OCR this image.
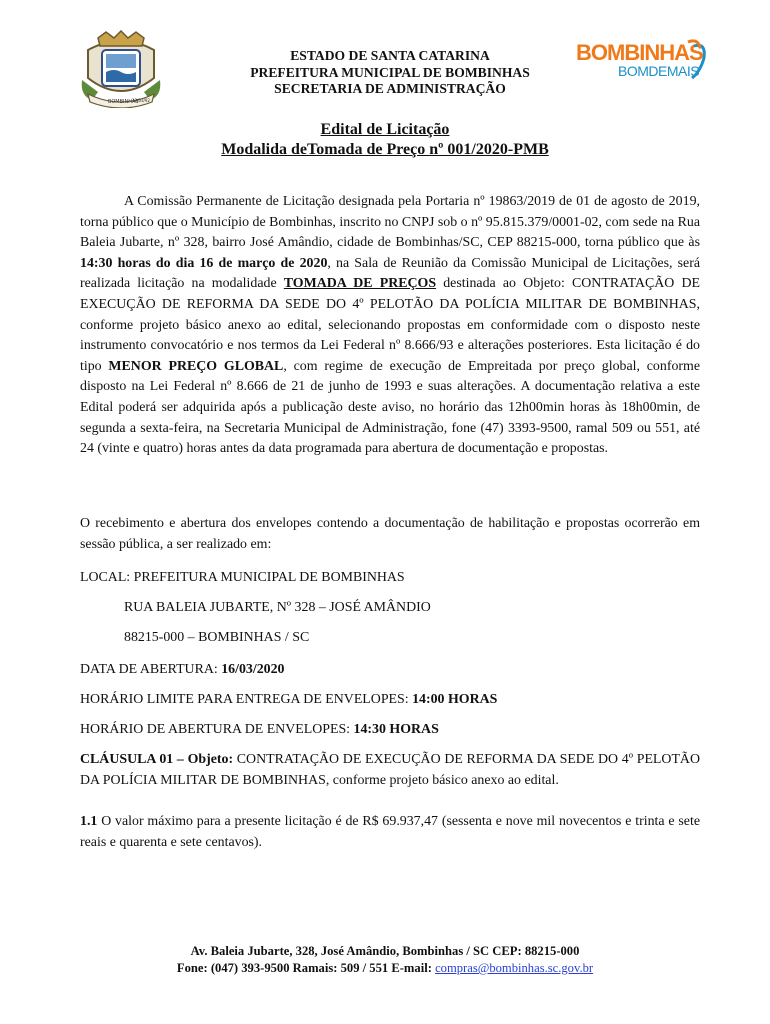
BOMBINHAS
12/03/92
ESTADO DE SANTA CATARINA
PREFEITURA MUNICIPAL DE BOMBINHAS
SECRETARIA DE ADMINISTRAÇÃO
BOMBINHAS
BOMDEMAIS
Edital de Licitação
Modalida deTomada de Preço nº 001/2020-PMB
A Comissão Permanente de Licitação designada pela Portaria nº 19863/2019 de 01 de agosto de 2019, torna público que o Município de Bombinhas, inscrito no CNPJ sob o nº 95.815.379/0001-02, com sede na Rua Baleia Jubarte, nº 328, bairro José Amândio, cidade de Bombinhas/SC, CEP 88215-000, torna público que às 14:30 horas do dia 16 de março de 2020, na Sala de Reunião da Comissão Municipal de Licitações, será realizada licitação na modalidade TOMADA DE PREÇOS destinada ao Objeto: CONTRATAÇÃO DE EXECUÇÃO DE REFORMA DA SEDE DO 4º PELOTÃO DA POLÍCIA MILITAR DE BOMBINHAS, conforme projeto básico anexo ao edital, selecionando propostas em conformidade com o disposto neste instrumento convocatório e nos termos da Lei Federal nº 8.666/93 e alterações posteriores. Esta licitação é do tipo MENOR PREÇO GLOBAL, com regime de execução de Empreitada por preço global, conforme disposto na Lei Federal nº 8.666 de 21 de junho de 1993 e suas alterações. A documentação relativa a este Edital poderá ser adquirida após a publicação deste aviso, no horário das 12h00min horas às 18h00min, de segunda a sexta-feira, na Secretaria Municipal de Administração, fone (47) 3393-9500, ramal 509 ou 551, até 24 (vinte e quatro) horas antes da data programada para abertura de documentação e propostas.
O recebimento e abertura dos envelopes contendo a documentação de habilitação e propostas ocorrerão em sessão pública, a ser realizado em:
LOCAL: PREFEITURA MUNICIPAL DE BOMBINHAS
RUA BALEIA JUBARTE, Nº 328 – JOSÉ AMÂNDIO
88215-000 – BOMBINHAS / SC
DATA DE ABERTURA: 16/03/2020
HORÁRIO LIMITE PARA ENTREGA DE ENVELOPES: 14:00 HORAS
HORÁRIO DE ABERTURA DE ENVELOPES: 14:30 HORAS
CLÁUSULA 01 – Objeto: CONTRATAÇÃO DE EXECUÇÃO DE REFORMA DA SEDE DO 4º PELOTÃO DA POLÍCIA MILITAR DE BOMBINHAS, conforme projeto básico anexo ao edital.
1.1 O valor máximo para a presente licitação é de R$ 69.937,47 (sessenta e nove mil novecentos e trinta e sete reais e quarenta e sete centavos).
Av. Baleia Jubarte, 328, José Amândio, Bombinhas / SC CEP: 88215-000
Fone: (047) 393-9500 Ramais: 509 / 551 E-mail: compras@bombinhas.sc.gov.br
